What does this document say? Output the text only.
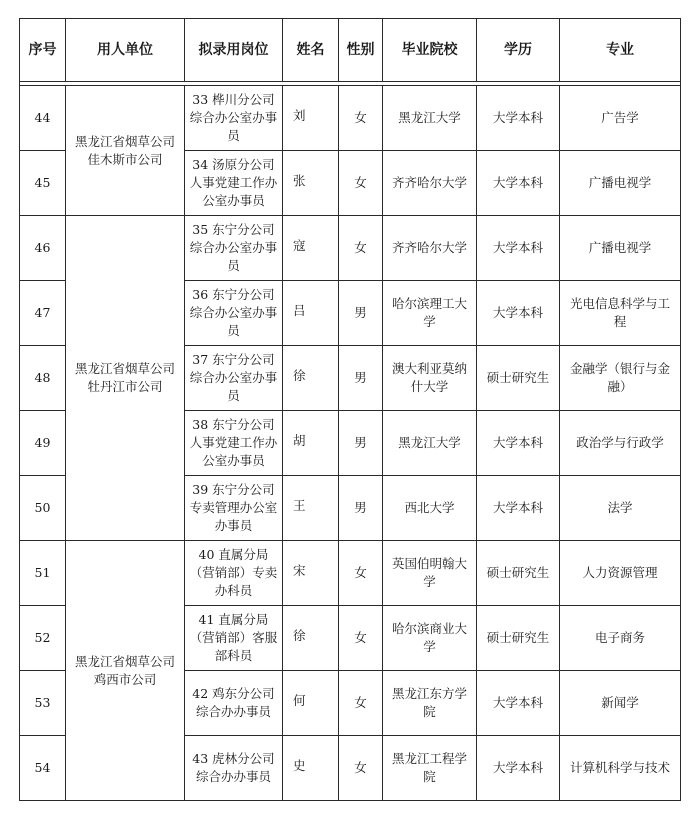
序号	用人单位	拟录用岗位	姓名	性别	毕业院校	学历	专业

44	黑龙江省烟草公司佳木斯市公司	33 桦川分公司综合办公室办事员	刘	女	黑龙江大学	大学本科	广告学
45		34 汤原分公司人事党建工作办公室办事员	张	女	齐齐哈尔大学	大学本科	广播电视学
46	黑龙江省烟草公司牡丹江市公司	35 东宁分公司综合办公室办事员	寇	女	齐齐哈尔大学	大学本科	广播电视学
47		36 东宁分公司综合办公室办事员	吕	男	哈尔滨理工大学	大学本科	光电信息科学与工程
48		37 东宁分公司综合办公室办事员	徐	男	澳大利亚莫纳什大学	硕士研究生	金融学（银行与金融）
49		38 东宁分公司人事党建工作办公室办事员	胡	男	黑龙江大学	大学本科	政治学与行政学
50		39 东宁分公司专卖管理办公室办事员	王	男	西北大学	大学本科	法学
51	黑龙江省烟草公司鸡西市公司	40 直属分局（营销部）专卖办科员	宋	女	英国伯明翰大学	硕士研究生	人力资源管理
52		41 直属分局（营销部）客服部科员	徐	女	哈尔滨商业大学	硕士研究生	电子商务
53		42 鸡东分公司综合办办事员	何	女	黑龙江东方学院	大学本科	新闻学
54		43 虎林分公司综合办办事员	史	女	黑龙江工程学院	大学本科	计算机科学与技术
